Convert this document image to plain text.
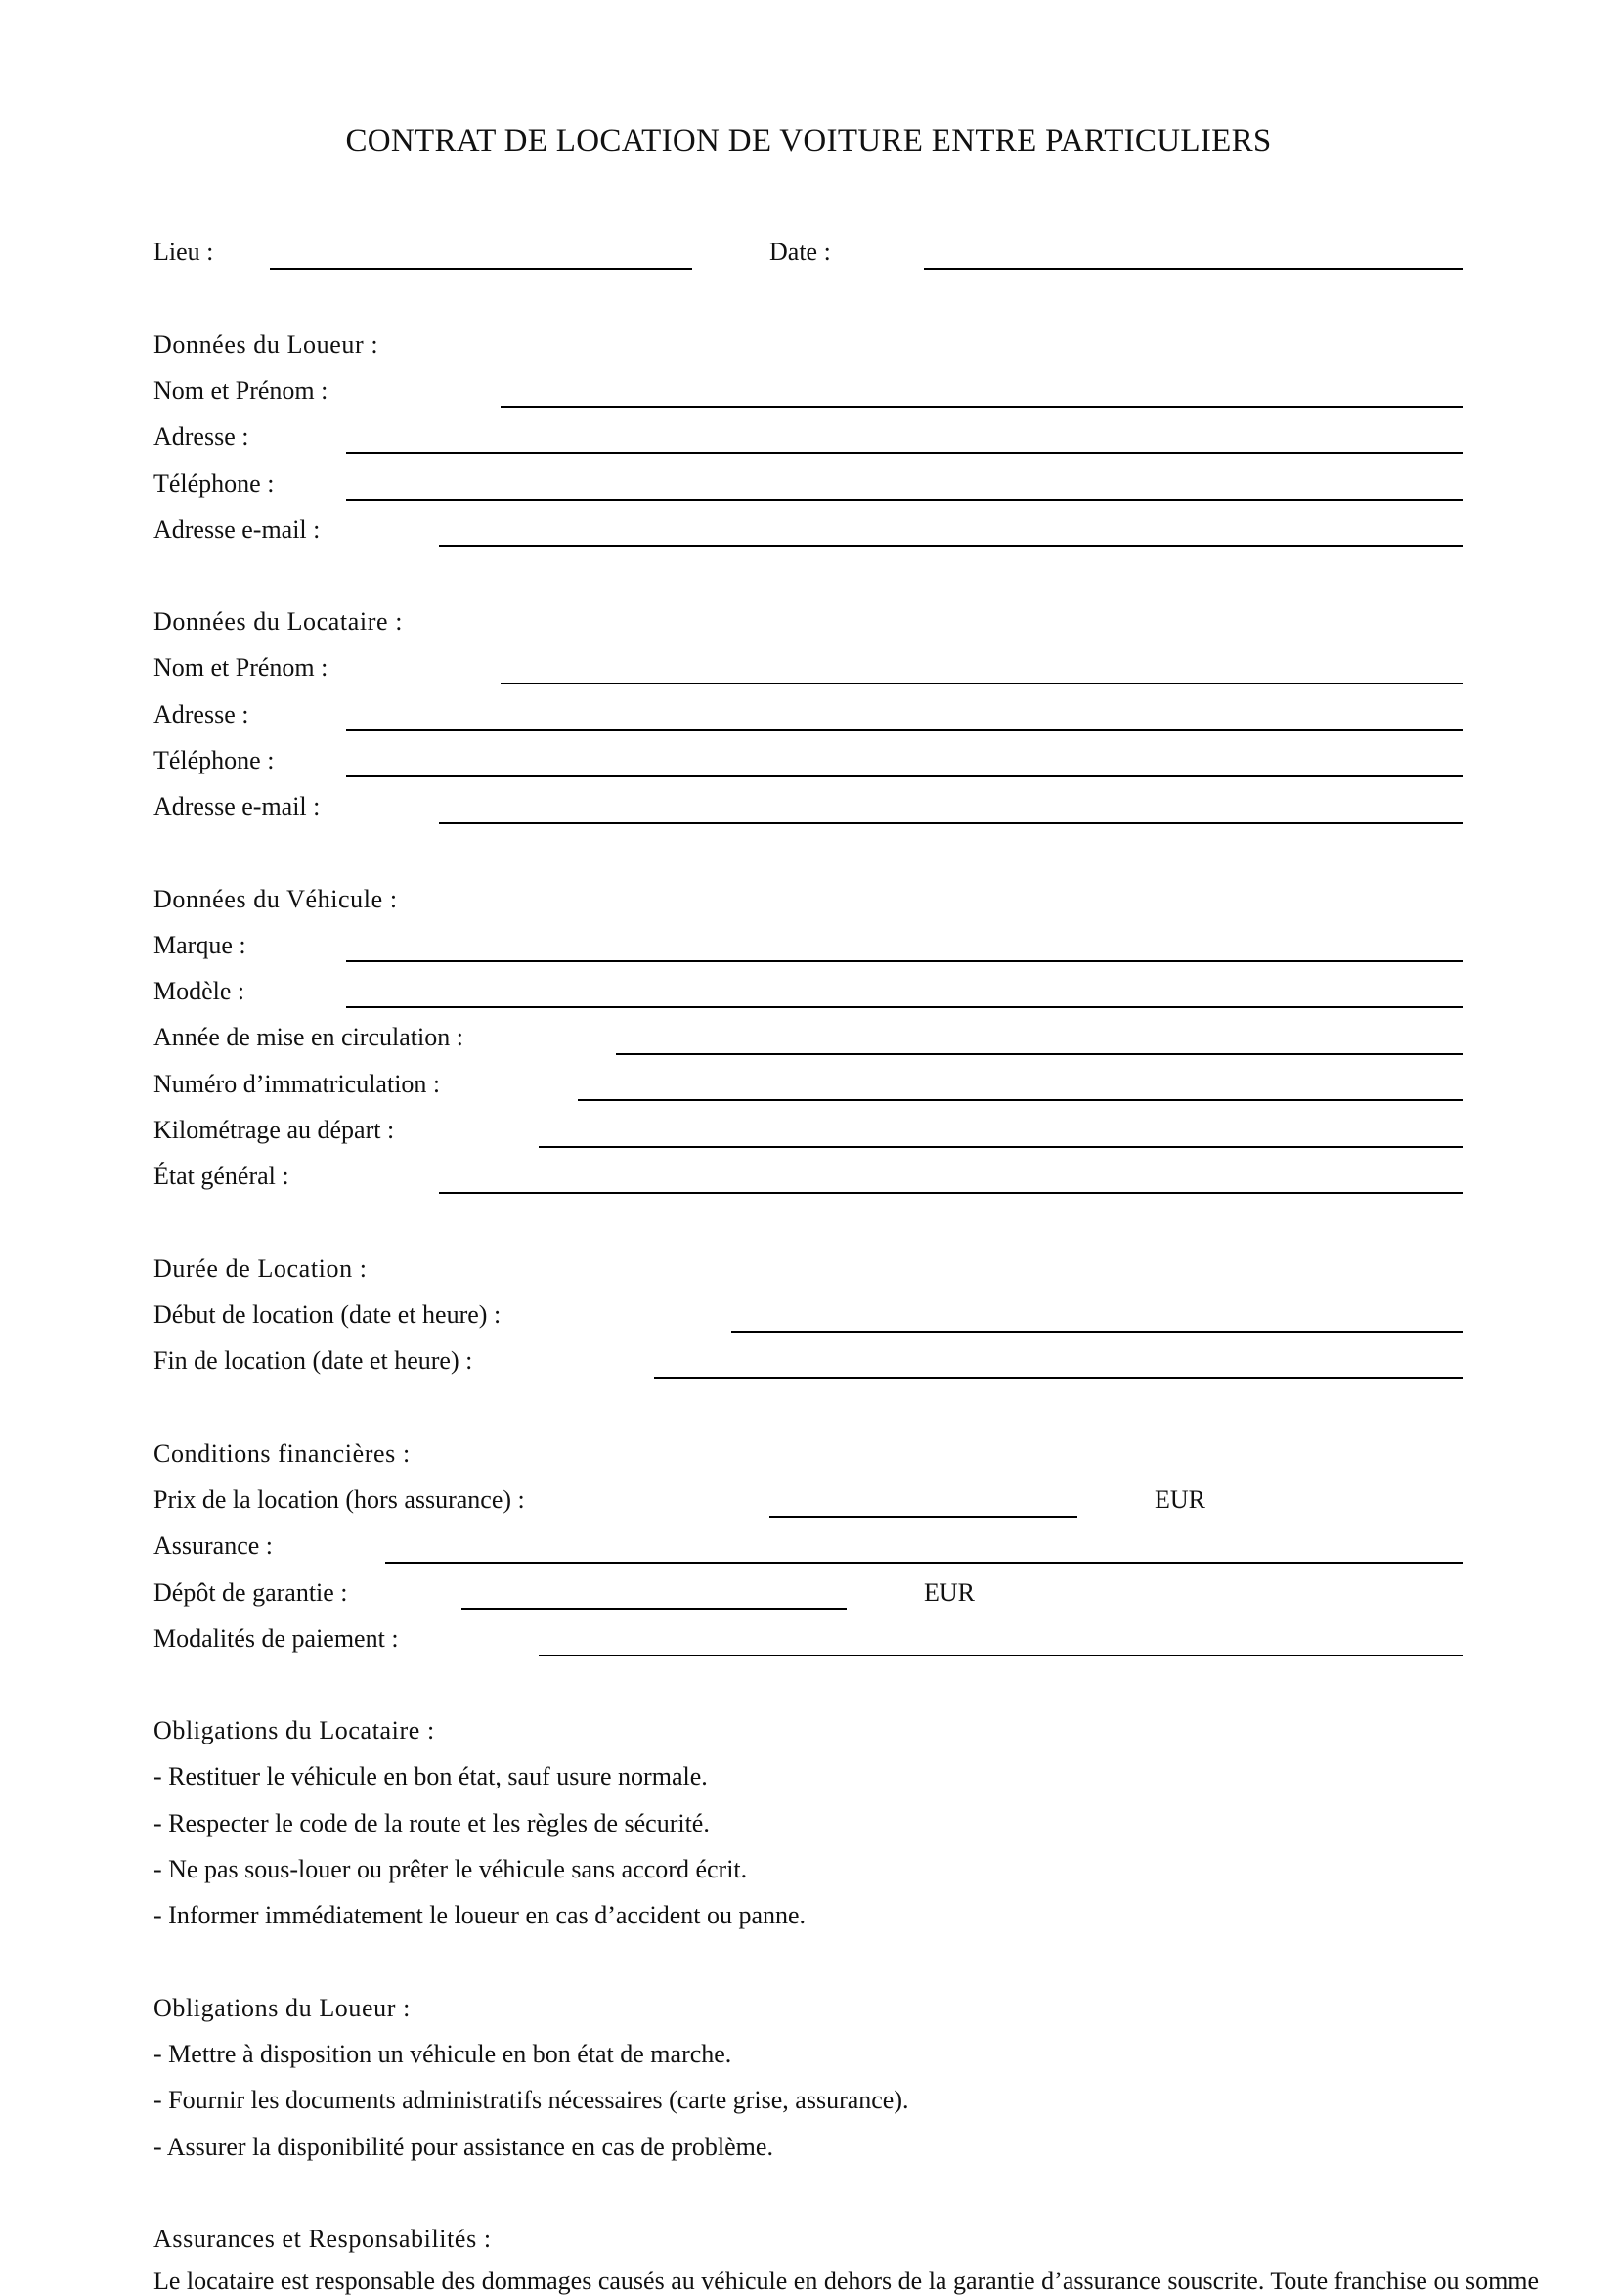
CONTRAT DE LOCATION DE VOITURE ENTRE PARTICULIERS
Lieu :	Date :
Données du Loueur :
Nom et Prénom :
Adresse :
Téléphone :
Adresse e-mail :
Données du Locataire :
Nom et Prénom :
Adresse :
Téléphone :
Adresse e-mail :
Données du Véhicule :
Marque :
Modèle :
Année de mise en circulation :
Numéro d’immatriculation :
Kilométrage au départ :
État général :
Durée de Location :
Début de location (date et heure) :
Fin de location (date et heure) :
Conditions financières :
Prix de la location (hors assurance) :	EUR
Assurance :
Dépôt de garantie :	EUR
Modalités de paiement :
Obligations du Locataire :
- Restituer le véhicule en bon état, sauf usure normale.
- Respecter le code de la route et les règles de sécurité.
- Ne pas sous-louer ou prêter le véhicule sans accord écrit.
- Informer immédiatement le loueur en cas d’accident ou panne.
Obligations du Loueur :
- Mettre à disposition un véhicule en bon état de marche.
- Fournir les documents administratifs nécessaires (carte grise, assurance).
- Assurer la disponibilité pour assistance en cas de problème.
Assurances et Responsabilités :
Le locataire est responsable des dommages causés au véhicule en dehors de la garantie d’assurance souscrite. Toute franchise ou somme
